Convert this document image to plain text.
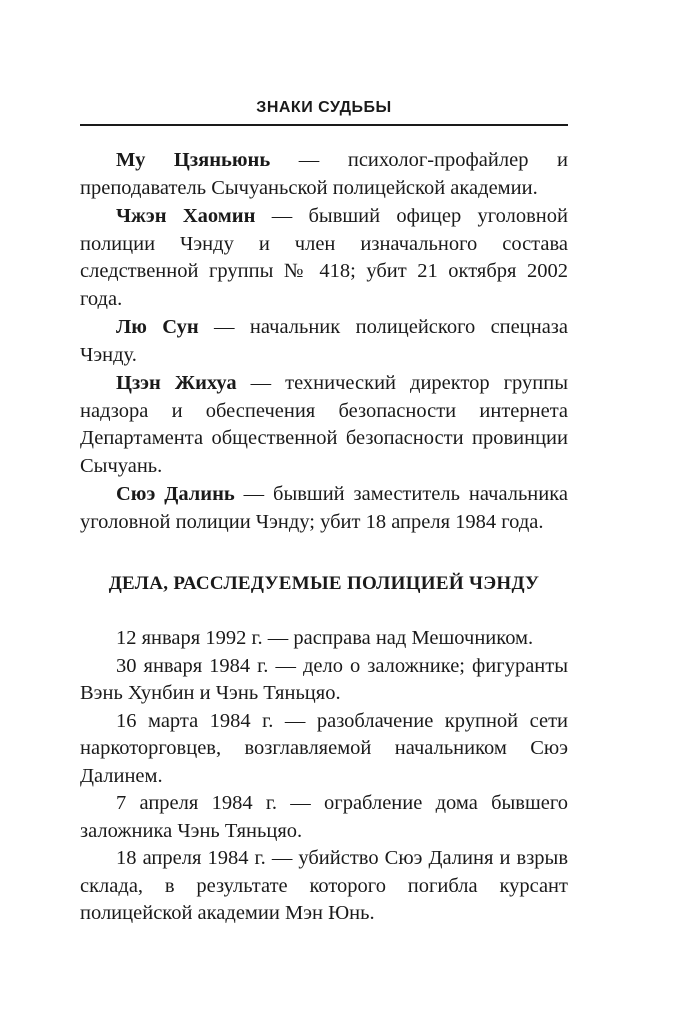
ЗНАКИ СУДЬБЫ

Му Цзяньюнь — психолог-профайлер и преподаватель Сычуаньской полицейской академии.

Чжэн Хаомин — бывший офицер уголовной полиции Чэнду и член изначального состава следственной группы № 418; убит 21 октября 2002 года.

Лю Сун — начальник полицейского спецназа Чэнду.

Цзэн Жихуа — технический директор группы надзора и обеспечения безопасности интернета Департамента общественной безопасности провинции Сычуань.

Сюэ Далинь — бывший заместитель начальника уголовной полиции Чэнду; убит 18 апреля 1984 года.

ДЕЛА, РАССЛЕДУЕМЫЕ ПОЛИЦИЕЙ ЧЭНДУ

12 января 1992 г. — расправа над Мешочником.

30 января 1984 г. — дело о заложнике; фигуранты Вэнь Хунбин и Чэнь Тяньцяо.

16 марта 1984 г. — разоблачение крупной сети наркоторговцев, возглавляемой начальником Сюэ Далинем.

7 апреля 1984 г. — ограбление дома бывшего заложника Чэнь Тяньцяо.

18 апреля 1984 г. — убийство Сюэ Далиня и взрыв склада, в результате которого погибла курсант полицейской академии Мэн Юнь.
